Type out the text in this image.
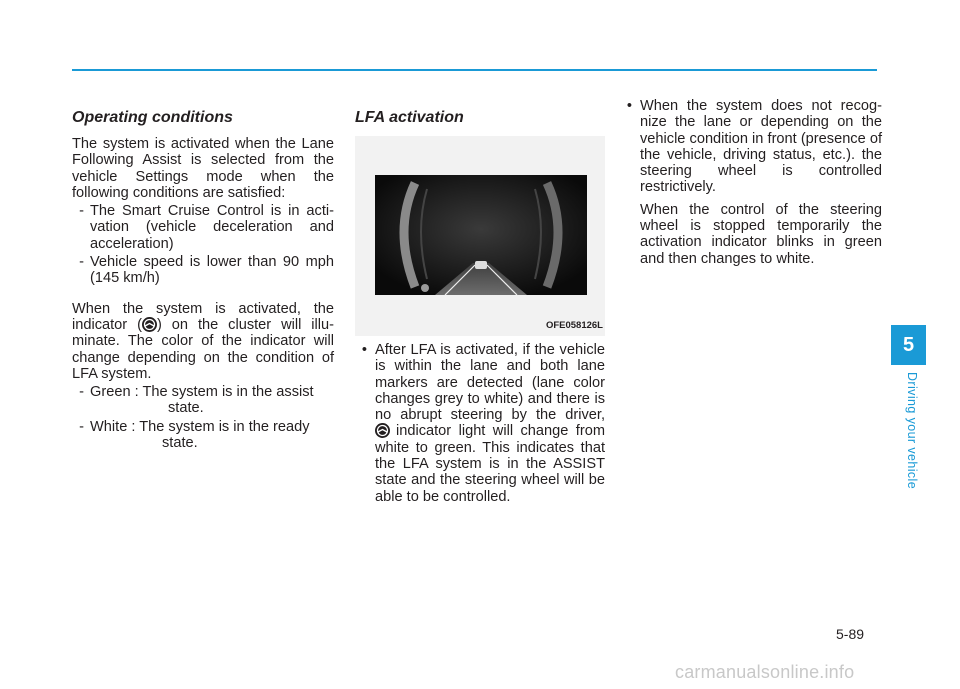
Operating conditions

The system is activated when the Lane Following Assist is selected from the vehicle Settings mode when the following conditions are satisfied:

- The Smart Cruise Control is in acti-vation (vehicle deceleration and acceleration)
- Vehicle speed is lower than 90 mph (145 km/h)

When the system is activated, the indicator ( ) on the cluster will illu-minate. The color of the indicator will change depending on the condition of LFA system.

- Green : The system is in the assist
state.
- White : The system is in the ready
state.
LFA activation
OFE058126L
• After LFA is activated, if the vehicle is within the lane and both lane markers are detected (lane color changes grey to white) and there is no abrupt steering by the driver,
indicator light will change from white to green. This indicates that the LFA system is in the ASSIST state and the steering wheel will be able to be controlled.
• When the system does not recog-nize the lane or depending on the vehicle condition in front (presence of the vehicle, driving status, etc.). the steering wheel is controlled restrictively.

When the control of the steering wheel is stopped temporarily the activation indicator blinks in green and then changes to white.

5
Driving your vehicle
5-89
carmanualsonline.info
